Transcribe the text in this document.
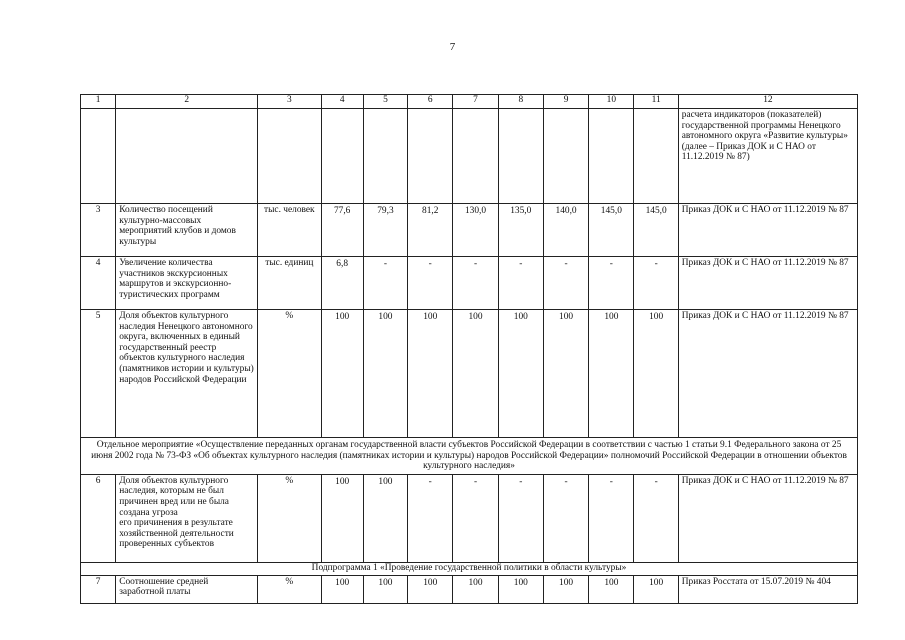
7
1	2	3	4	5	6	7	8	9	10	11	12
											расчета индикаторов (показателей) государственной программы Ненецкого автономного округа «Развитие культуры» (далее – Приказ ДОК и С НАО от 11.12.2019 № 87)
3	Количество посещений культурно-массовых мероприятий клубов и домов культуры	тыс. человек	77,6	79,3	81,2	130,0	135,0	140,0	145,0	145,0	Приказ ДОК и С НАО от 11.12.2019 № 87
4	Увеличение количества участников экскурсионных маршрутов и экскурсионно-туристических программ	тыс. единиц	6,8	-	-	-	-	-	-	-	Приказ ДОК и С НАО от 11.12.2019 № 87
5	Доля объектов культурного наследия Ненецкого автономного округа, включенных в единый государственный реестр объектов культурного наследия (памятников истории и культуры) народов Российской Федерации	%	100	100	100	100	100	100	100	100	Приказ ДОК и С НАО от 11.12.2019 № 87
Отдельное мероприятие «Осуществление переданных органам государственной власти субъектов Российской Федерации в соответствии с частью 1 статьи 9.1 Федерального закона от 25 июня 2002 года № 73-ФЗ «Об объектах культурного наследия (памятниках истории и культуры) народов Российской Федерации» полномочий Российской Федерации в отношении объектов культурного наследия»											
6	Доля объектов культурного наследия, которым не был причинен вред или не была создана угроза
его причинения в результате хозяйственной деятельности проверенных субъектов	%	100	100	-	-	-	-	-	-	Приказ ДОК и С НАО от 11.12.2019 № 87
Подпрограмма 1 «Проведение государственной политики в области культуры»											
7	Соотношение средней заработной платы	%	100	100	100	100	100	100	100	100	Приказ Росстата от 15.07.2019 № 404
